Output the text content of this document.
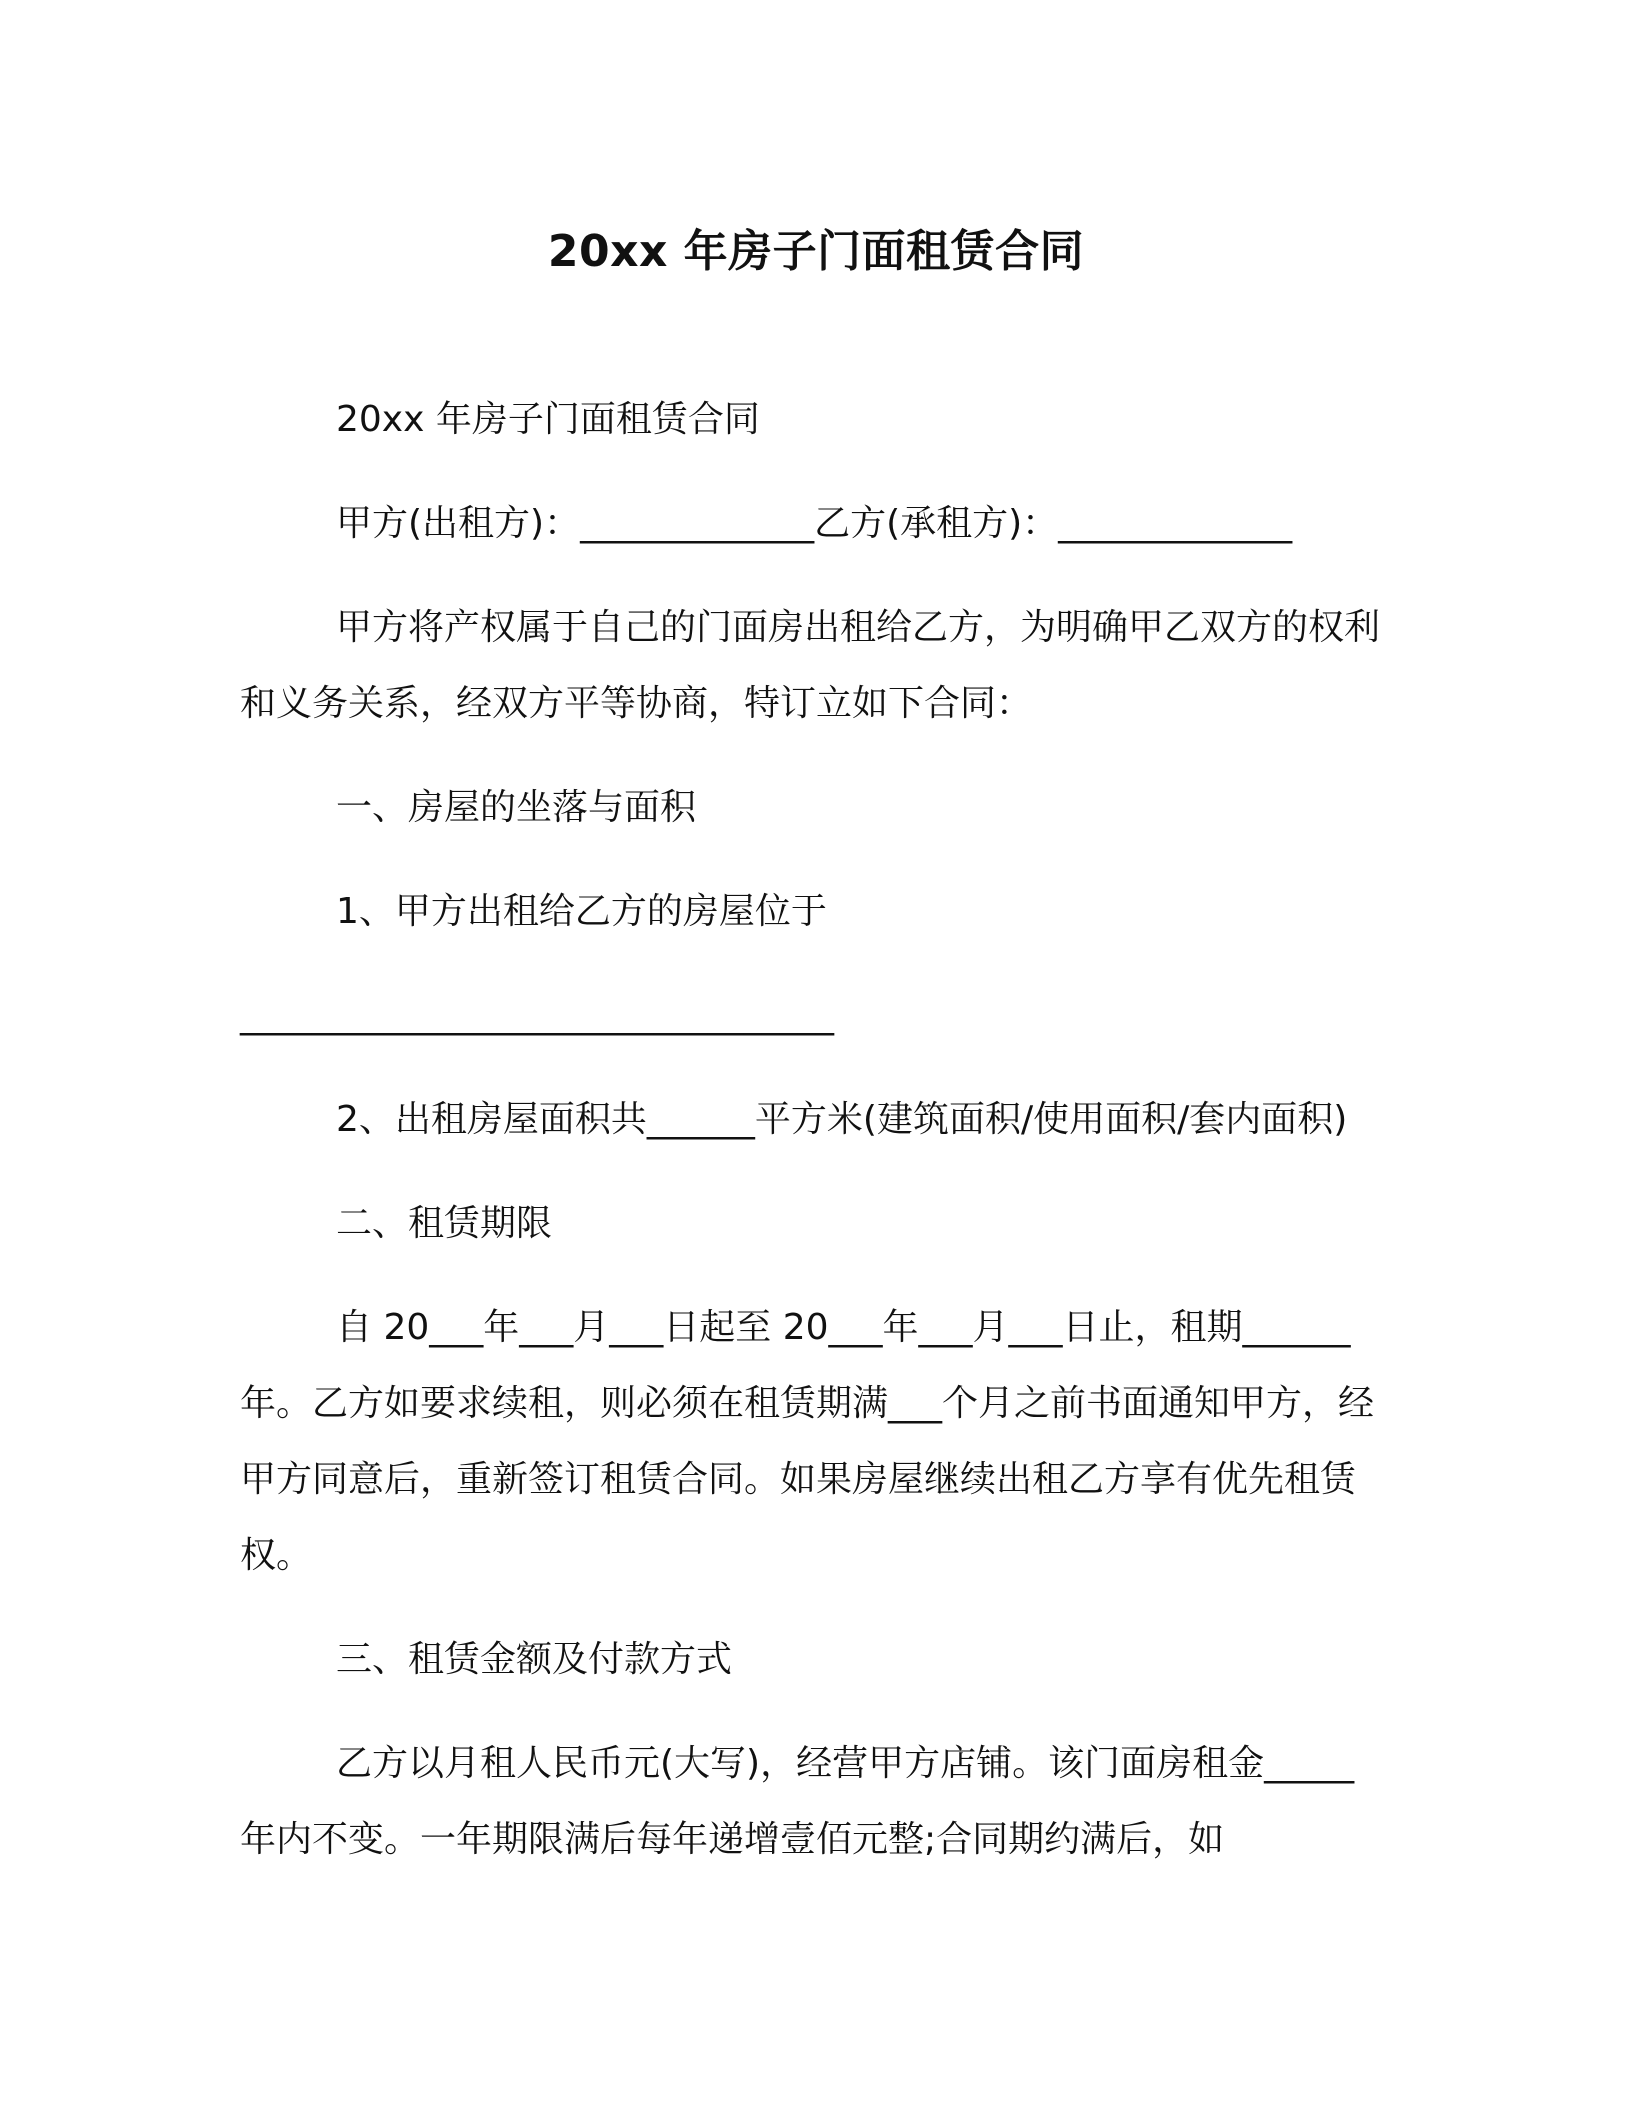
20xx 年房子门面租赁合同

20xx 年房子门面租赁合同

甲方(出租方)：_____________乙方(承租方)：_____________

甲方将产权属于自己的门面房出租给乙方，为明确甲乙双方的权利和义务关系，经双方平等协商，特订立如下合同：

一、房屋的坐落与面积

1、甲方出租给乙方的房屋位于

_________________________________

2、出租房屋面积共______平方米(建筑面积/使用面积/套内面积)

二、租赁期限

自 20___年___月___日起至 20___年___月___日止，租期______年。乙方如要求续租，则必须在租赁期满___个月之前书面通知甲方，经甲方同意后，重新签订租赁合同。如果房屋继续出租乙方享有优先租赁权。

三、租赁金额及付款方式

乙方以月租人民币元(大写)，经营甲方店铺。该门面房租金_____年内不变。一年期限满后每年递增壹佰元整;合同期约满后，如
